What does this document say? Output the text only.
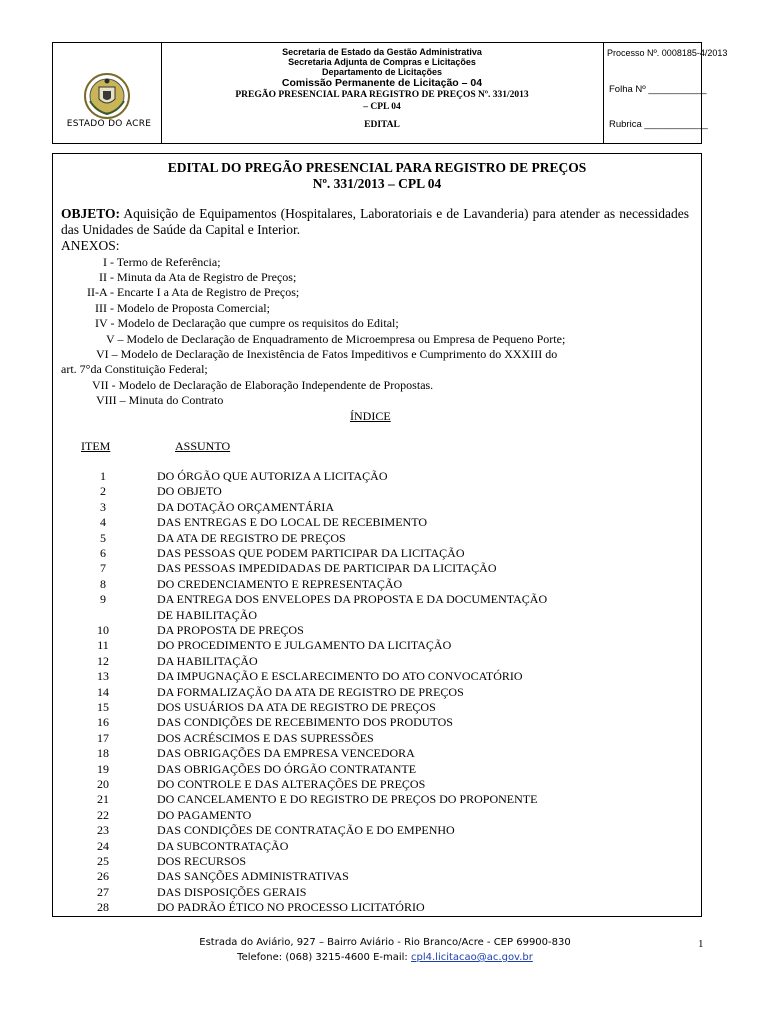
ESTADO DO ACRE
Secretaria de Estado da Gestão Administrativa
Secretaria Adjunta de Compras e Licitações
Departamento de Licitações
Comissão Permanente de Licitação – 04
PREGÃO PRESENCIAL PARA REGISTRO DE PREÇOS Nº. 331/2013
– CPL 04
EDITAL
Processo Nº. 0008185-4/2013
Folha Nº ___________
Rubrica ____________
EDITAL DO PREGÃO PRESENCIAL PARA REGISTRO DE PREÇOS
Nº. 331/2013 – CPL 04
OBJETO: Aquisição de Equipamentos (Hospitalares, Laboratoriais e de Lavanderia) para atender as necessidades das Unidades de Saúde da Capital e Interior.
ANEXOS:
I - Termo de Referência;
II - Minuta da Ata de Registro de Preços;
II-A - Encarte I a Ata de Registro de Preços;
III - Modelo de Proposta Comercial;
IV - Modelo de Declaração que cumpre os requisitos do Edital;
V – Modelo de Declaração de Enquadramento de Microempresa ou Empresa de Pequeno Porte;
VI – Modelo de Declaração de Inexistência de Fatos Impeditivos e Cumprimento do XXXIII do
art. 7°da Constituição Federal;
VII - Modelo de Declaração de Elaboração Independente de Propostas.
VIII – Minuta do Contrato
ÍNDICE
ITEM	ASSUNTO
1	DO ÓRGÃO QUE AUTORIZA A LICITAÇÃO
2	DO OBJETO
3	DA DOTAÇÃO ORÇAMENTÁRIA
4	DAS ENTREGAS E DO LOCAL DE RECEBIMENTO
5	DA ATA DE REGISTRO DE PREÇOS
6	DAS PESSOAS QUE PODEM PARTICIPAR DA LICITAÇÃO
7	DAS PESSOAS IMPEDIDADAS DE PARTICIPAR DA LICITAÇÃO
8	DO CREDENCIAMENTO E REPRESENTAÇÃO
9	DA ENTREGA DOS ENVELOPES DA PROPOSTA E DA DOCUMENTAÇÃO
DE HABILITAÇÃO
10	DA PROPOSTA DE PREÇOS
11	DO PROCEDIMENTO E JULGAMENTO DA LICITAÇÃO
12	DA HABILITAÇÃO
13	DA IMPUGNAÇÃO E ESCLARECIMENTO DO ATO CONVOCATÓRIO
14	DA FORMALIZAÇÃO DA ATA DE REGISTRO DE PREÇOS
15	DOS USUÁRIOS DA ATA DE REGISTRO DE PREÇOS
16	DAS CONDIÇÕES DE RECEBIMENTO DOS PRODUTOS
17	DOS ACRÉSCIMOS E DAS SUPRESSÕES
18	DAS OBRIGAÇÕES DA EMPRESA VENCEDORA
19	DAS OBRIGAÇÕES DO ÓRGÃO CONTRATANTE
20	DO CONTROLE E DAS ALTERAÇÕES DE PREÇOS
21	DO CANCELAMENTO E DO REGISTRO DE PREÇOS DO PROPONENTE
22	DO PAGAMENTO
23	DAS CONDIÇÕES DE CONTRATAÇÃO E DO EMPENHO
24	DA SUBCONTRATAÇÃO
25	DOS RECURSOS
26	DAS SANÇÕES ADMINISTRATIVAS
27	DAS DISPOSIÇÕES GERAIS
28	DO PADRÃO ÉTICO NO PROCESSO LICITATÓRIO
Estrada do Aviário, 927 – Bairro Aviário - Rio Branco/Acre - CEP 69900-830
Telefone: (068) 3215-4600 E-mail: cpl4.licitacao@ac.gov.br
1
